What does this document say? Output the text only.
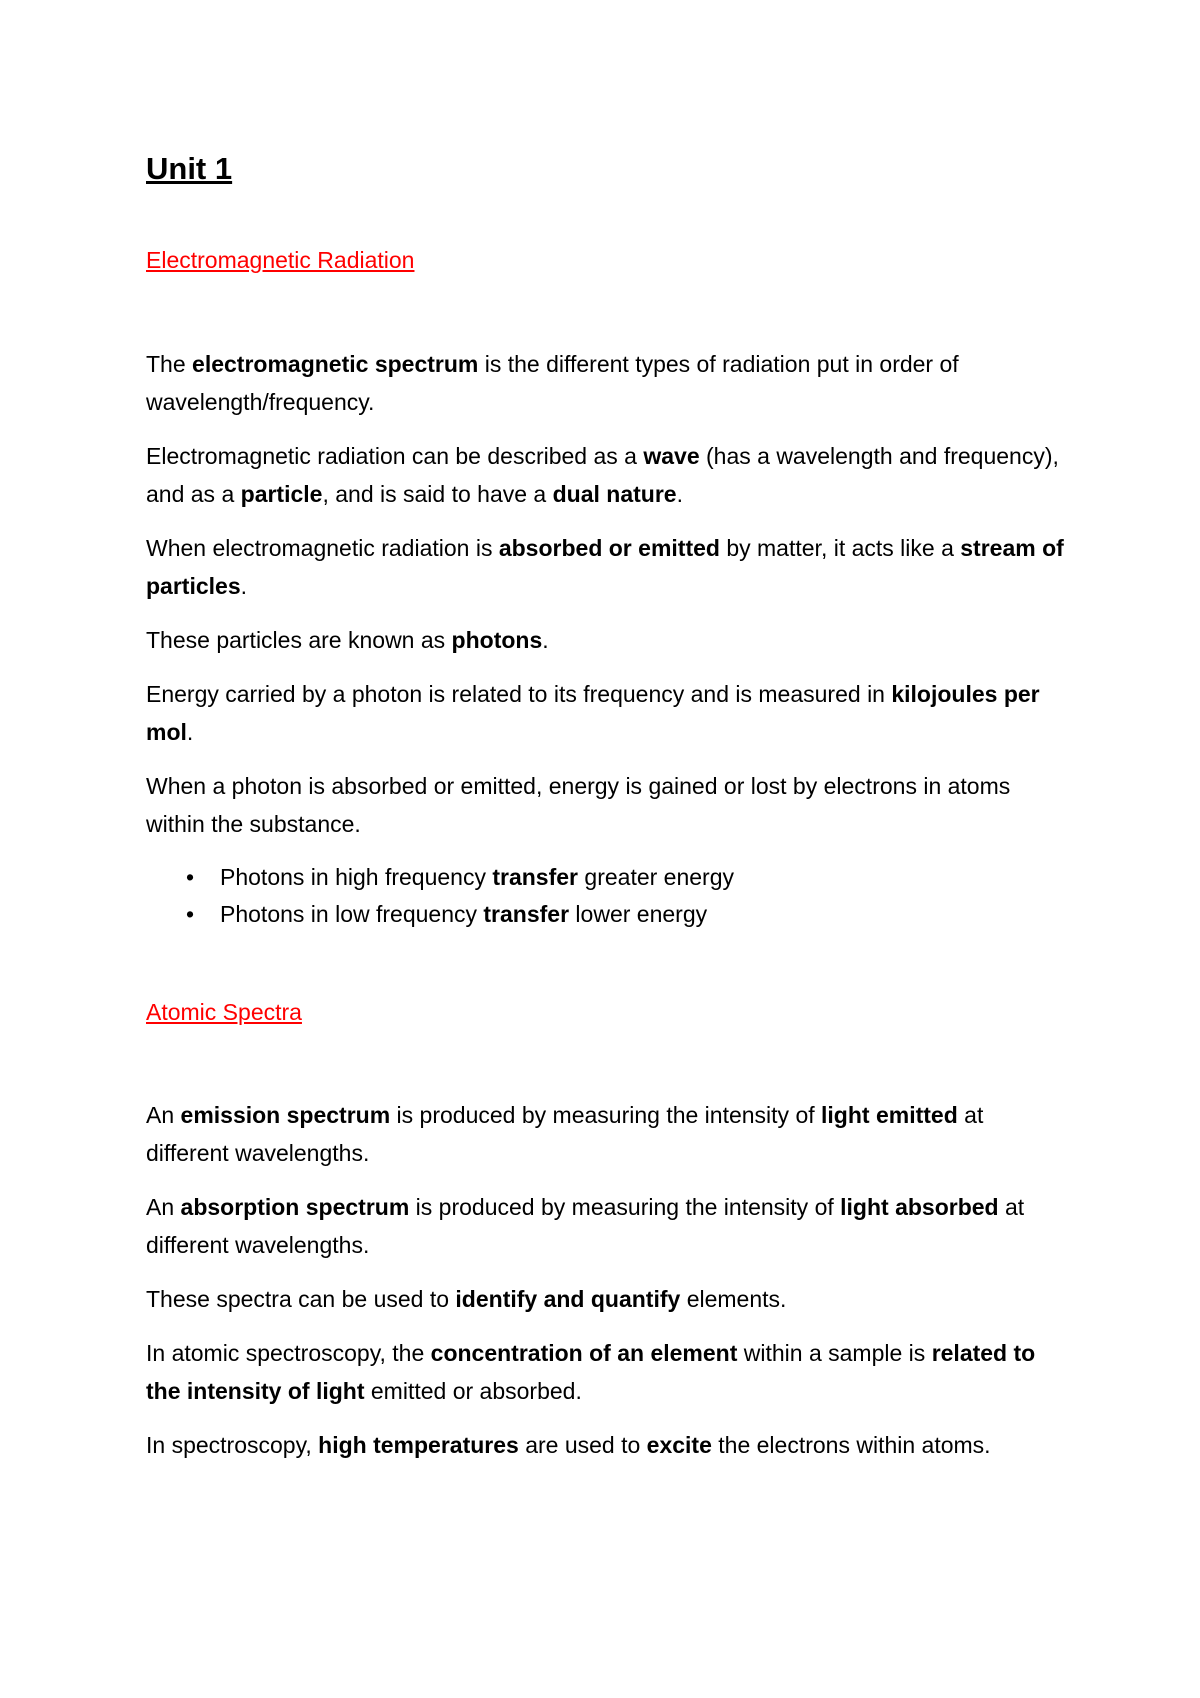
Unit 1
Electromagnetic Radiation

The electromagnetic spectrum is the different types of radiation put in order of wavelength/frequency.

Electromagnetic radiation can be described as a wave (has a wavelength and frequency), and as a particle, and is said to have a dual nature.

When electromagnetic radiation is absorbed or emitted by matter, it acts like a stream of particles.

These particles are known as photons.

Energy carried by a photon is related to its frequency and is measured in kilojoules per mol.

When a photon is absorbed or emitted, energy is gained or lost by electrons in atoms within the substance.

• Photons in high frequency transfer greater energy
• Photons in low frequency transfer lower energy
Atomic Spectra

An emission spectrum is produced by measuring the intensity of light emitted at different wavelengths.

An absorption spectrum is produced by measuring the intensity of light absorbed at different wavelengths.

These spectra can be used to identify and quantify elements.

In atomic spectroscopy, the concentration of an element within a sample is related to the intensity of light emitted or absorbed.

In spectroscopy, high temperatures are used to excite the electrons within atoms.
